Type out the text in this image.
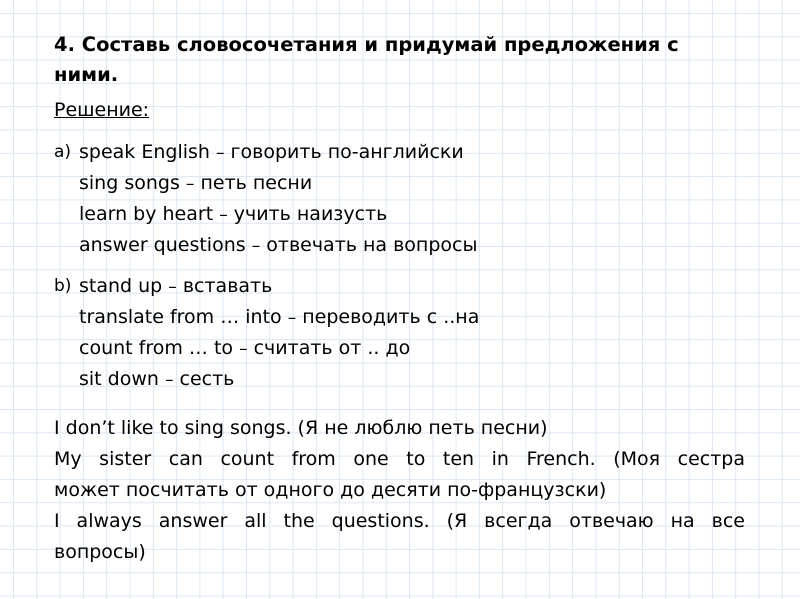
4. Составь словосочетания и придумай предложения с
ними.
Решение:
a) speak English – говорить по-английски
sing songs – петь песни
learn by heart – учить наизусть
answer questions – отвечать на вопросы
b) stand up – вставать
translate from … into – переводить с ..на
count from … to – считать от .. до
sit down – сесть
I don’t like to sing songs. (Я не люблю петь песни)
My sister can count from one to ten in French. (Моя сестра
может посчитать от одного до десяти по-французски)
I always answer all the questions. (Я всегда отвечаю на все
вопросы)
